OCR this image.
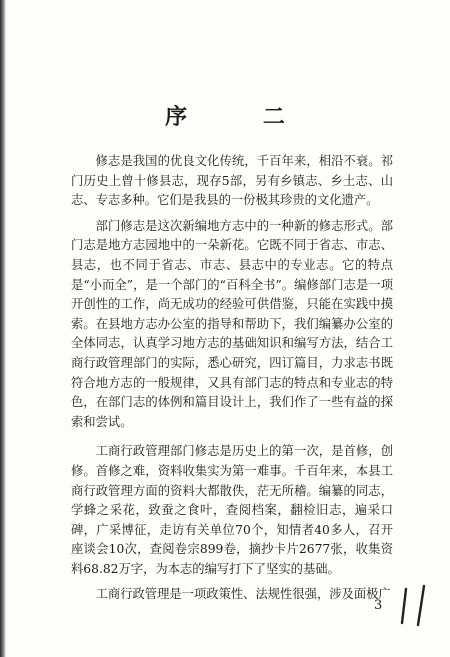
序 二

修志是我国的优良文化传统，千百年来，相沿不衰。祁门历史上曾十修县志，现存5部，另有乡镇志、乡土志、山志、专志多种。它们是我县的一份极其珍贵的文化遗产。

部门修志是这次新编地方志中的一种新的修志形式。部门志是地方志园地中的一朵新花。它既不同于省志、市志、县志，也不同于省志、市志、县志中的专业志。它的特点是“小而全”，是一个部门的“百科全书”。编修部门志是一项开创性的工作，尚无成功的经验可供借鉴，只能在实践中摸索。在县地方志办公室的指导和帮助下，我们编纂办公室的全体同志，认真学习地方志的基础知识和编写方法，结合工商行政管理部门的实际，悉心研究，四订篇目，力求志书既符合地方志的一般规律，又具有部门志的特点和专业志的特色，在部门志的体例和篇目设计上，我们作了一些有益的探索和尝试。

工商行政管理部门修志是历史上的第一次，是首修，创修。首修之难，资料收集实为第一难事。千百年来，本县工商行政管理方面的资料大都散佚，茫无所稽。编纂的同志，学蜂之采花，致蚕之食叶，查阅档案，翻检旧志，遍采口碑，广采博征，走访有关单位70个，知情者40多人，召开座谈会10次，查阅卷宗899卷，摘抄卡片2677张，收集资料68.82万字，为本志的编写打下了坚实的基础。

工商行政管理是一项政策性、法规性很强，涉及面极广

3
